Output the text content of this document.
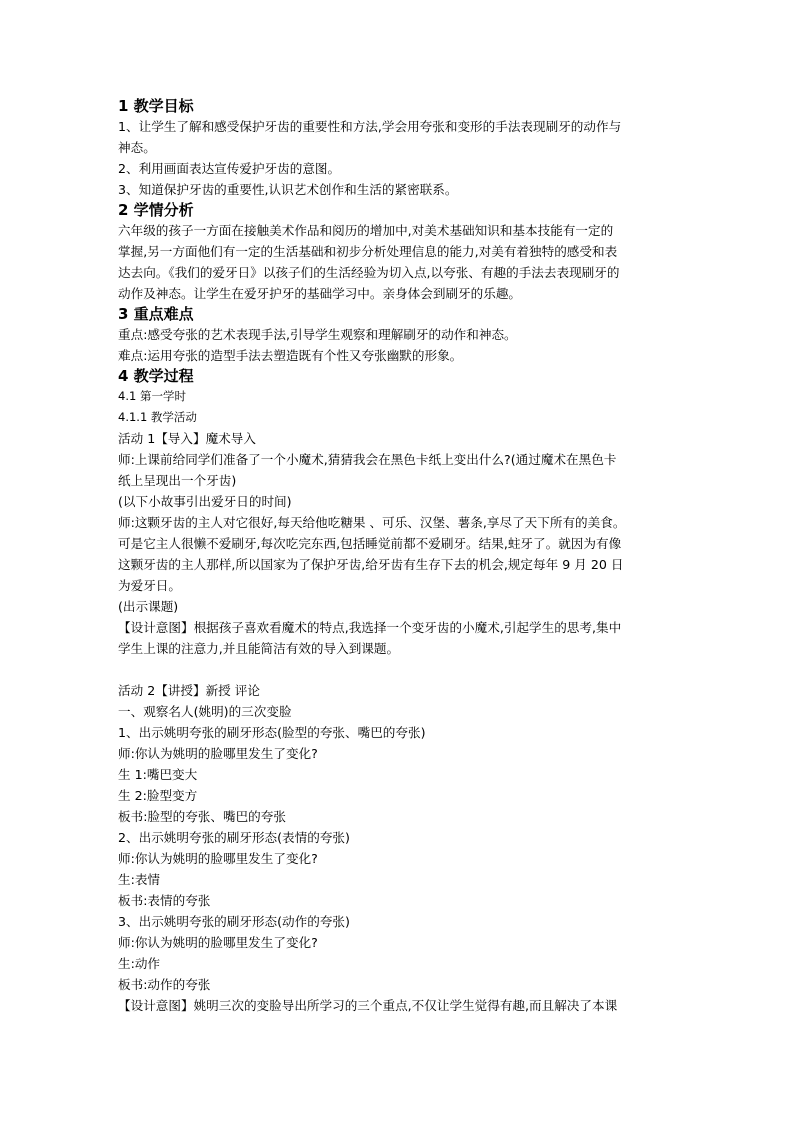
1 教学目标
1、让学生了解和感受保护牙齿的重要性和方法,学会用夸张和变形的手法表现刷牙的动作与
神态。
2、利用画面表达宣传爱护牙齿的意图。
3、知道保护牙齿的重要性,认识艺术创作和生活的紧密联系。
2 学情分析
六年级的孩子一方面在接触美术作品和阅历的增加中,对美术基础知识和基本技能有一定的
掌握,另一方面他们有一定的生活基础和初步分析处理信息的能力,对美有着独特的感受和表
达去向。《我们的爱牙日》以孩子们的生活经验为切入点,以夸张、有趣的手法去表现刷牙的
动作及神态。让学生在爱牙护牙的基础学习中。亲身体会到刷牙的乐趣。
3 重点难点
重点:感受夸张的艺术表现手法,引导学生观察和理解刷牙的动作和神态。
难点:运用夸张的造型手法去塑造既有个性又夸张幽默的形象。
4 教学过程
4.1 第一学时
4.1.1 教学活动
活动 1【导入】魔术导入
师:上课前给同学们准备了一个小魔术,猜猜我会在黑色卡纸上变出什么?(通过魔术在黑色卡
纸上呈现出一个牙齿)
(以下小故事引出爱牙日的时间)
师:这颗牙齿的主人对它很好,每天给他吃糖果 、可乐、汉堡、薯条,享尽了天下所有的美食。
可是它主人很懒不爱刷牙,每次吃完东西,包括睡觉前都不爱刷牙。结果,蛀牙了。就因为有像
这颗牙齿的主人那样,所以国家为了保护牙齿,给牙齿有生存下去的机会,规定每年 9 月 20 日
为爱牙日。
(出示课题)
【设计意图】根据孩子喜欢看魔术的特点,我选择一个变牙齿的小魔术,引起学生的思考,集中
学生上课的注意力,并且能简洁有效的导入到课题。
活动 2【讲授】新授 评论
一、观察名人(姚明)的三次变脸
1、出示姚明夸张的刷牙形态(脸型的夸张、嘴巴的夸张)
师:你认为姚明的脸哪里发生了变化?
生 1:嘴巴变大
生 2:脸型变方
板书:脸型的夸张、嘴巴的夸张
2、出示姚明夸张的刷牙形态(表情的夸张)
师:你认为姚明的脸哪里发生了变化?
生:表情
板书:表情的夸张
3、出示姚明夸张的刷牙形态(动作的夸张)
师:你认为姚明的脸哪里发生了变化?
生:动作
板书:动作的夸张
【设计意图】姚明三次的变脸导出所学习的三个重点,不仅让学生觉得有趣,而且解决了本课
